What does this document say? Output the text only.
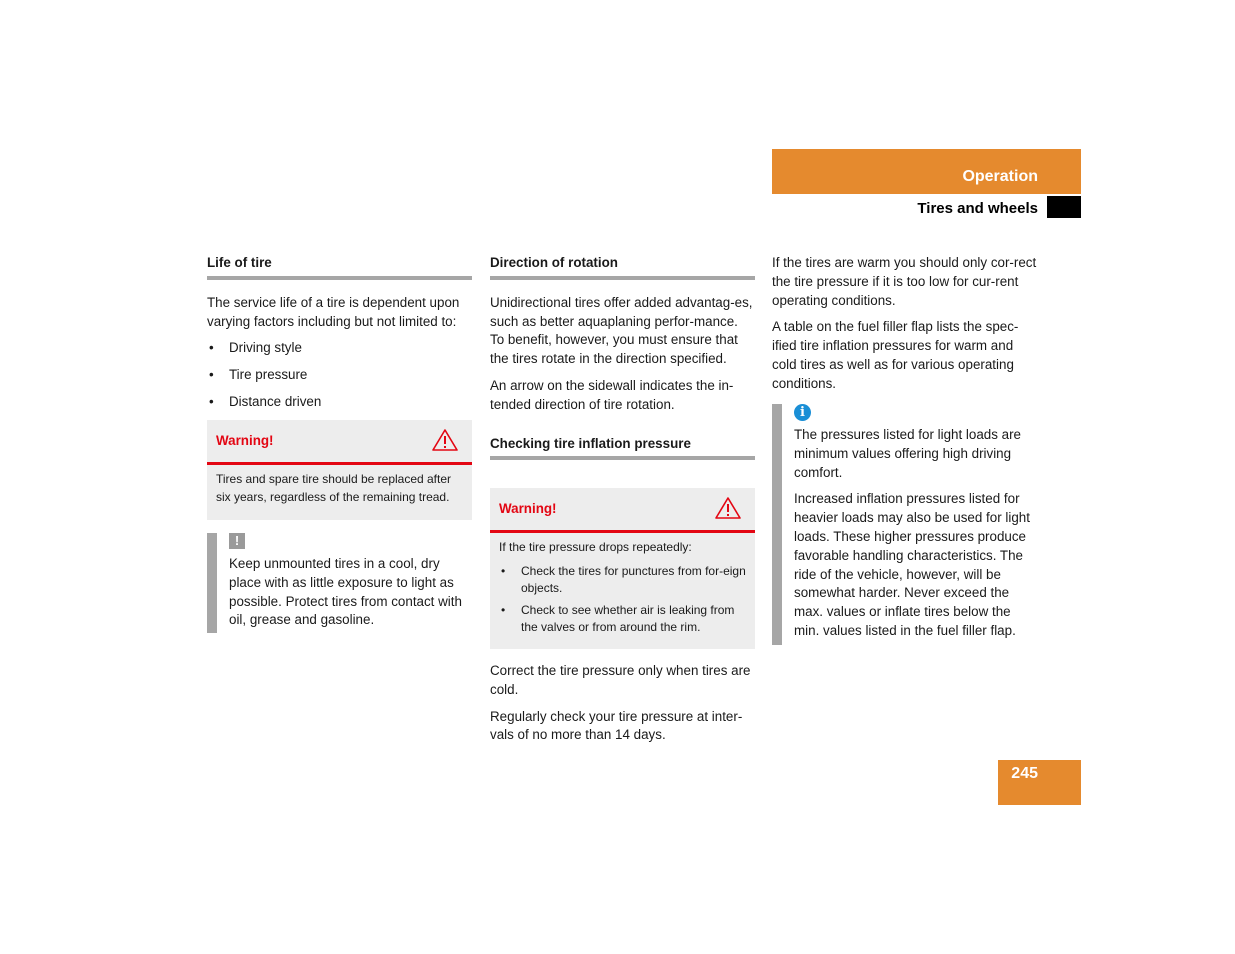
Operation
Tires and wheels
Life of tire

The service life of a tire is dependent upon varying factors including but not limited to:

• Driving style
• Tire pressure
• Distance driven
Warning!

Tires and spare tire should be replaced after six years, regardless of the remaining tread.

!

Keep unmounted tires in a cool, dry place with as little exposure to light as possible. Protect tires from contact with oil, grease and gasoline.

Direction of rotation

Unidirectional tires offer added advantag-es, such as better aquaplaning perfor-mance. To benefit, however, you must ensure that the tires rotate in the direction specified.

An arrow on the sidewall indicates the in-tended direction of tire rotation.

Checking tire inflation pressure
Warning!

If the tire pressure drops repeatedly:

• Check the tires for punctures from for-eign objects.
• Check to see whether air is leaking from the valves or from around the rim.

Correct the tire pressure only when tires are cold.

Regularly check your tire pressure at inter-vals of no more than 14 days.

If the tires are warm you should only cor-rect the tire pressure if it is too low for cur-rent operating conditions.

A table on the fuel filler flap lists the spec-ified tire inflation pressures for warm and cold tires as well as for various operating conditions.

i

The pressures listed for light loads are minimum values offering high driving comfort.

Increased inflation pressures listed for heavier loads may also be used for light loads. These higher pressures produce favorable handling characteristics. The ride of the vehicle, however, will be somewhat harder. Never exceed the max. values or inflate tires below the min. values listed in the fuel filler flap.

245
